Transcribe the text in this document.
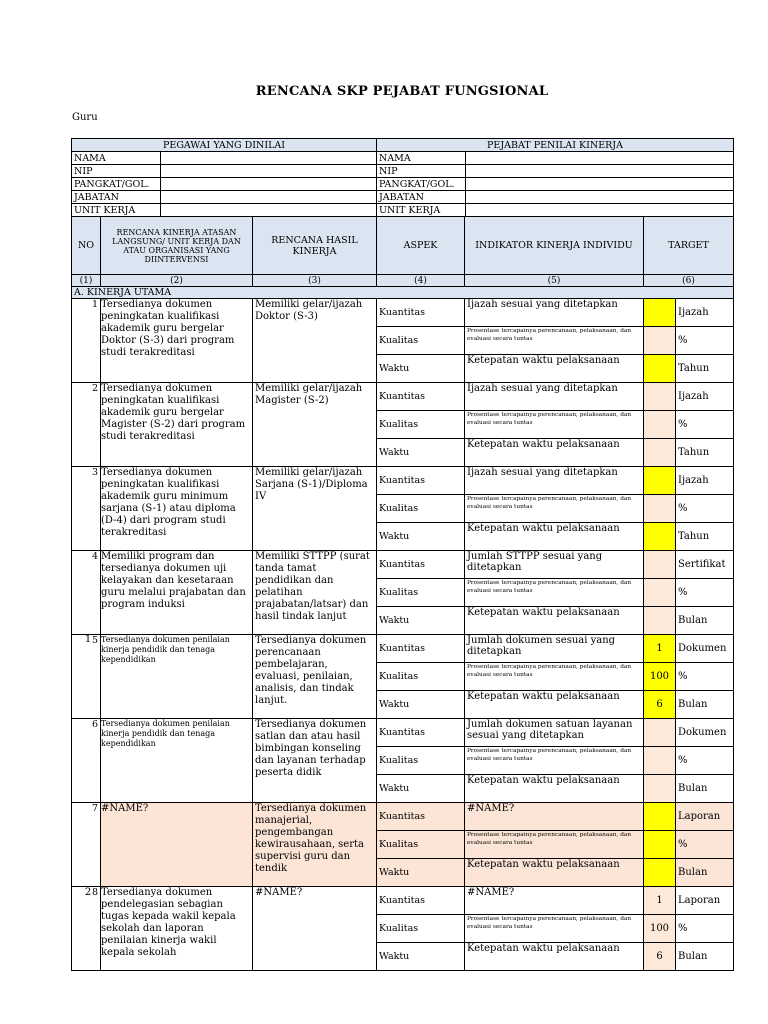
RENCANA SKP PEJABAT FUNGSIONAL
Guru
PEGAWAI YANG DINILAI		PEJABAT PENILAI KINERJA	
NAMA		NAMA	
NIP		NIP	
PANGKAT/GOL.		PANGKAT/GOL.	
JABATAN		JABATAN	
UNIT KERJA		UNIT KERJA	
NO	RENCANA KINERJA ATASAN LANGSUNG/ UNIT KERJA DAN ATAU ORGANISASI YANG DIINTERVENSI	RENCANA HASIL KINERJA	ASPEK	INDIKATOR KINERJA INDIVIDU	TARGET	
(1)	(2)	(3)	(4)	(5)	(6)	
A. KINERJA UTAMA						
1	Tersedianya dokumen peningkatan kualifikasi akademik guru bergelar Doktor (S-3) dari program studi terakreditasi	Memiliki gelar/ijazah Doktor (S-3)	Kuantitas	Ijazah sesuai yang ditetapkan		Ijazah
			Kualitas	Prosentase tercapainya perencanaan, pelaksanaan, dan evaluasi secara tuntas		%
			Waktu	Ketepatan waktu pelaksanaan		Tahun
2	Tersedianya dokumen peningkatan kualifikasi akademik guru bergelar Magister (S-2) dari program studi terakreditasi	Memiliki gelar/ijazah Magister (S-2)	Kuantitas	Ijazah sesuai yang ditetapkan		Ijazah
			Kualitas	Prosentase tercapainya perencanaan, pelaksanaan, dan evaluasi secara tuntas		%
			Waktu	Ketepatan waktu pelaksanaan		Tahun
3	Tersedianya dokumen peningkatan kualifikasi akademik guru minimum sarjana (S-1) atau diploma (D-4) dari program studi terakreditasi	Memiliki gelar/ijazah Sarjana (S-1)/Diploma IV	Kuantitas	Ijazah sesuai yang ditetapkan		Ijazah
			Kualitas	Prosentase tercapainya perencanaan, pelaksanaan, dan evaluasi secara tuntas		%
			Waktu	Ketepatan waktu pelaksanaan		Tahun
4	Memiliki program dan tersedianya dokumen uji kelayakan dan kesetaraan guru melalui prajabatan dan program induksi	Memiliki STTPP (surat tanda tamat pendidikan dan pelatihan prajabatan/latsar) dan hasil tindak lanjut	Kuantitas	Jumlah STTPP sesuai yang ditetapkan		Sertifikat
			Kualitas	Prosentase tercapainya perencanaan, pelaksanaan, dan evaluasi secara tuntas		%
			Waktu	Ketepatan waktu pelaksanaan		Bulan
5	1 Tersedianya dokumen penilaian kinerja pendidik dan tenaga kependidikan	Tersedianya dokumen perencanaan pembelajaran, evaluasi, penilaian, analisis, dan tindak lanjut.	Kuantitas	Jumlah dokumen sesuai yang ditetapkan	1	Dokumen
			Kualitas	Prosentase tercapainya perencanaan, pelaksanaan, dan evaluasi secara tuntas	100	%
			Waktu	Ketepatan waktu pelaksanaan	6	Bulan
6	Tersedianya dokumen penilaian kinerja pendidik dan tenaga kependidikan	Tersedianya dokumen satlan dan atau hasil bimbingan konseling dan layanan terhadap peserta didik	Kuantitas	Jumlah dokumen satuan layanan sesuai yang ditetapkan		Dokumen
			Kualitas	Prosentase tercapainya perencanaan, pelaksanaan, dan evaluasi secara tuntas		%
			Waktu	Ketepatan waktu pelaksanaan		Bulan
7	#NAME?	Tersedianya dokumen manajerial, pengembangan kewirausahaan, serta supervisi guru dan tendik	Kuantitas	#NAME?		Laporan
			Kualitas	Prosentase tercapainya perencanaan, pelaksanaan, dan evaluasi secara tuntas		%
			Waktu	Ketepatan waktu pelaksanaan		Bulan
8	2 Tersedianya dokumen pendelegasian sebagian tugas kepada wakil kepala sekolah dan laporan penilaian kinerja wakil kepala sekolah	#NAME?	Kuantitas	#NAME?	1	Laporan
			Kualitas	Prosentase tercapainya perencanaan, pelaksanaan, dan evaluasi secara tuntas	100	%
			Waktu	Ketepatan waktu pelaksanaan	6	Bulan
